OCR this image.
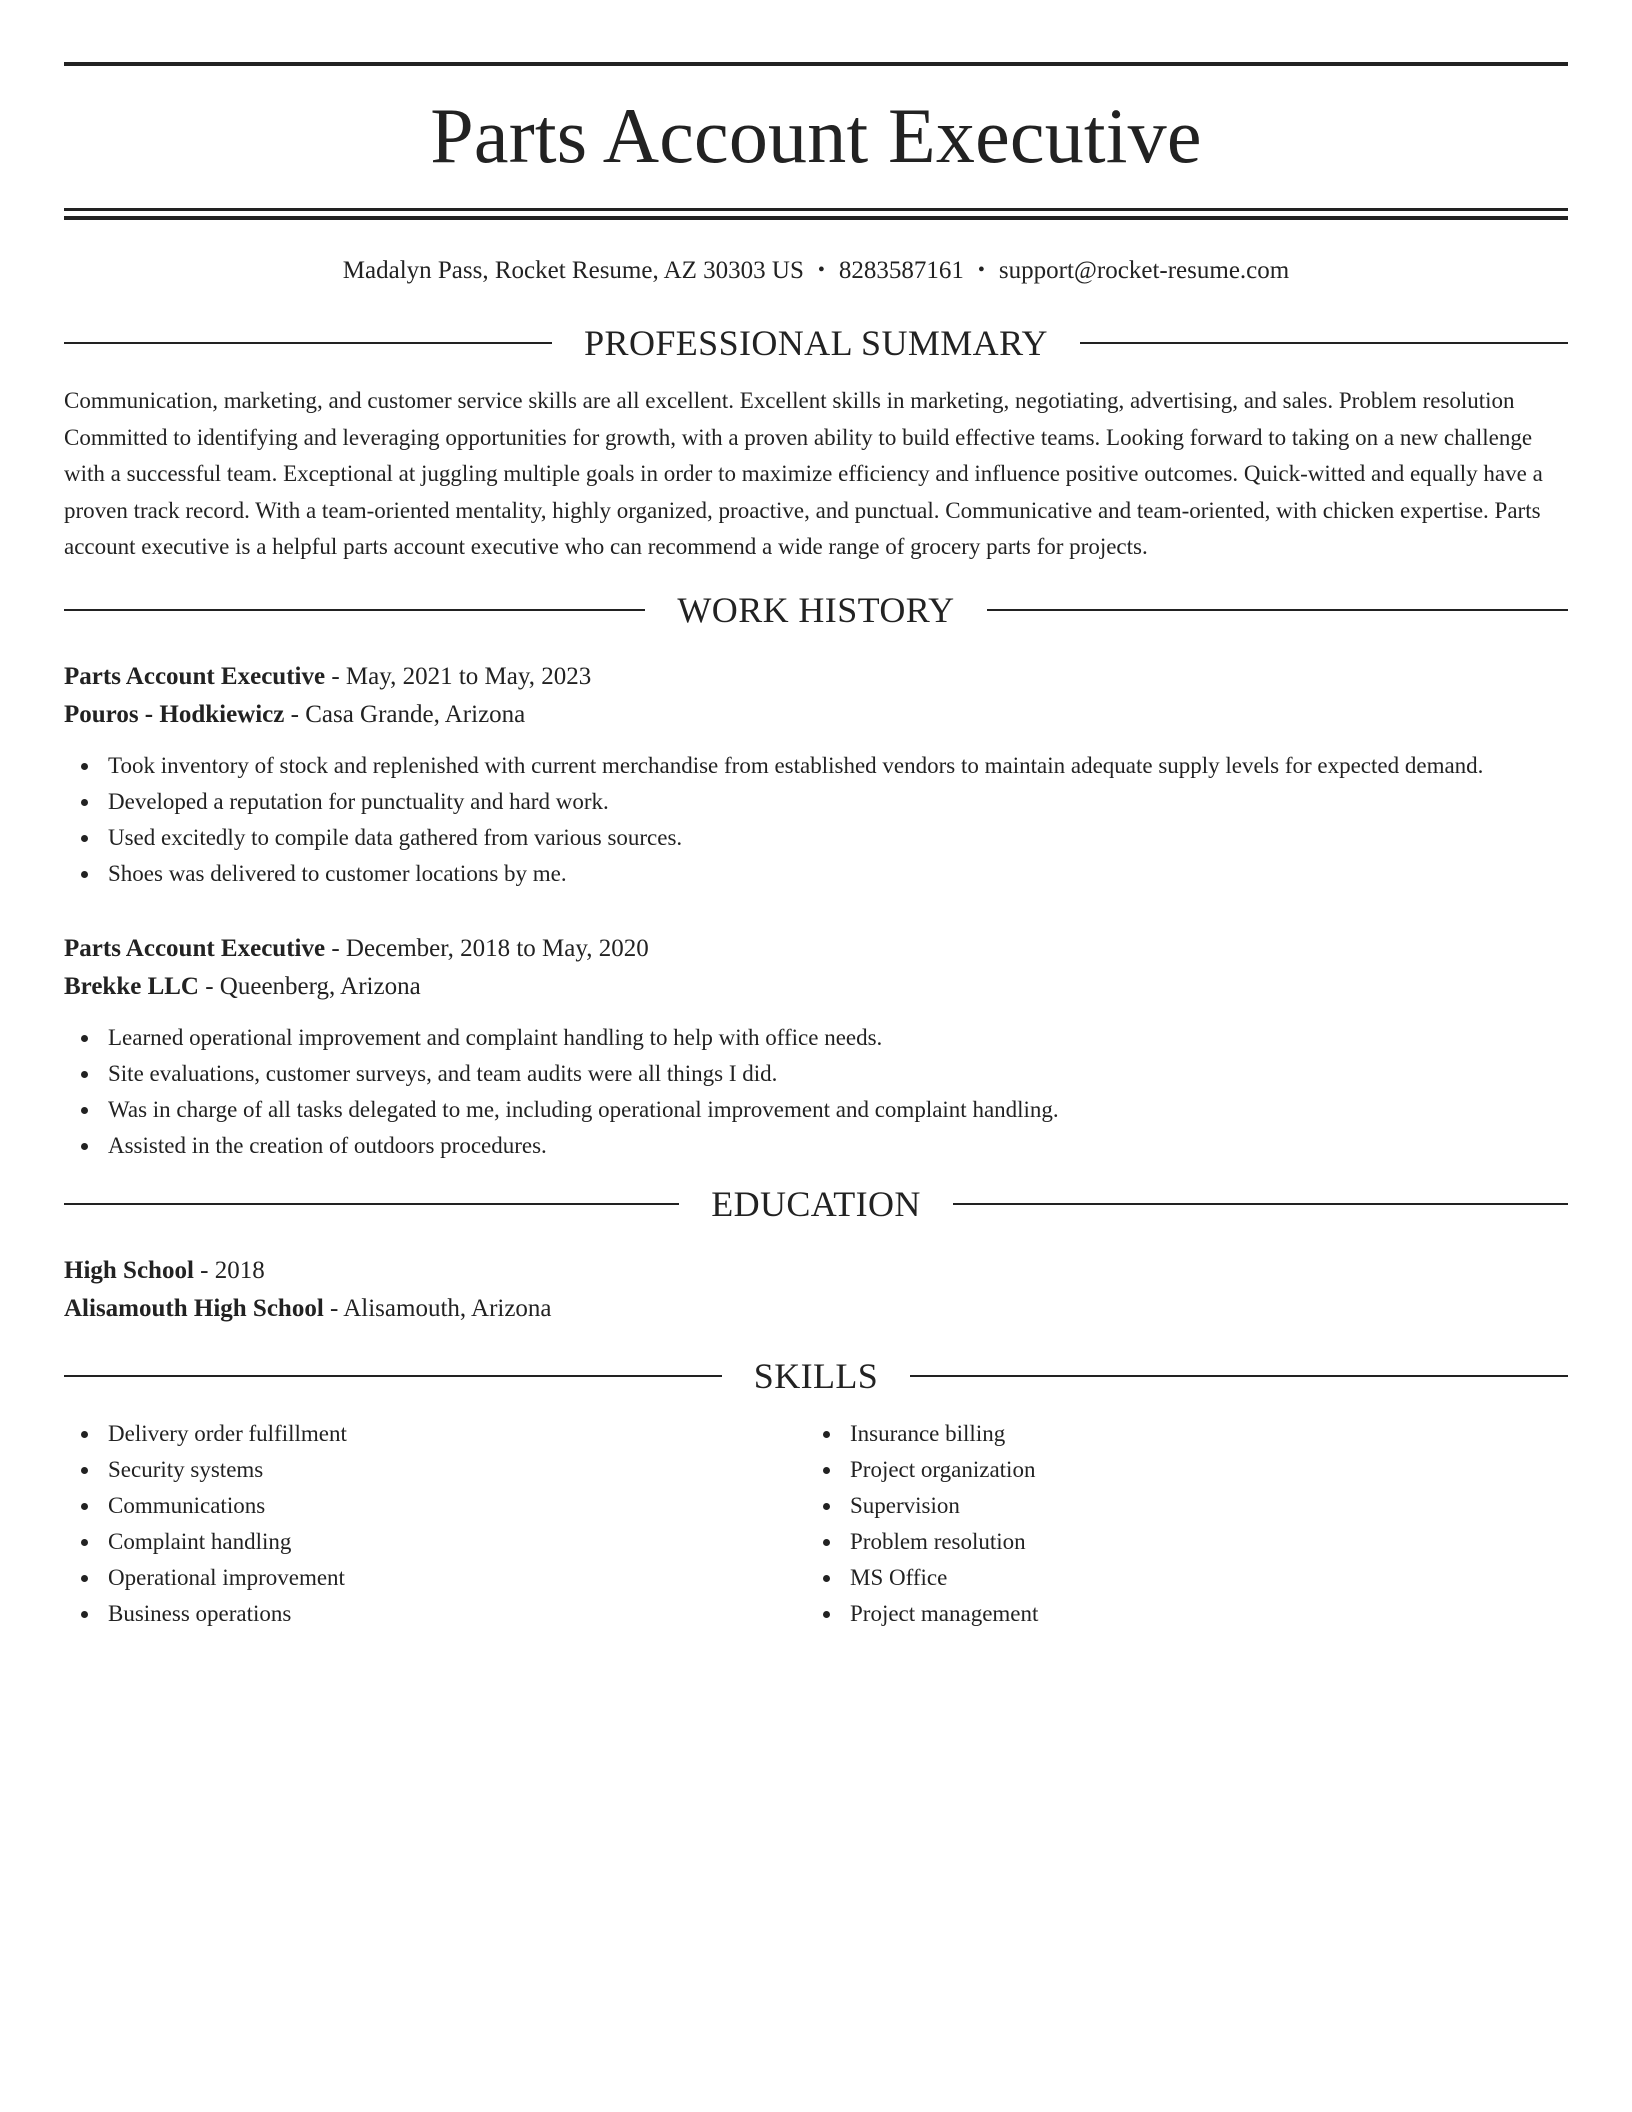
Parts Account Executive
Madalyn Pass, Rocket Resume, AZ 30303 US • 8283587161 • support@rocket-resume.com
PROFESSIONAL SUMMARY

Communication, marketing, and customer service skills are all excellent. Excellent skills in marketing, negotiating, advertising, and sales. Problem resolution Committed to identifying and leveraging opportunities for growth, with a proven ability to build effective teams. Looking forward to taking on a new challenge with a successful team. Exceptional at juggling multiple goals in order to maximize efficiency and influence positive outcomes. Quick-witted and equally have a proven track record. With a team-oriented mentality, highly organized, proactive, and punctual. Communicative and team-oriented, with chicken expertise. Parts account executive is a helpful parts account executive who can recommend a wide range of grocery parts for projects.

WORK HISTORY
Parts Account Executive - May, 2021 to May, 2023
Pouros - Hodkiewicz - Casa Grande, Arizona
Took inventory of stock and replenished with current merchandise from established vendors to maintain adequate supply levels for expected demand.
Developed a reputation for punctuality and hard work.
Used excitedly to compile data gathered from various sources.
Shoes was delivered to customer locations by me.
Parts Account Executive - December, 2018 to May, 2020
Brekke LLC - Queenberg, Arizona
Learned operational improvement and complaint handling to help with office needs.
Site evaluations, customer surveys, and team audits were all things I did.
Was in charge of all tasks delegated to me, including operational improvement and complaint handling.
Assisted in the creation of outdoors procedures.
EDUCATION
High School - 2018
Alisamouth High School - Alisamouth, Arizona
SKILLS
Delivery order fulfillment
Security systems
Communications
Complaint handling
Operational improvement
Business operations
Insurance billing
Project organization
Supervision
Problem resolution
MS Office
Project management
